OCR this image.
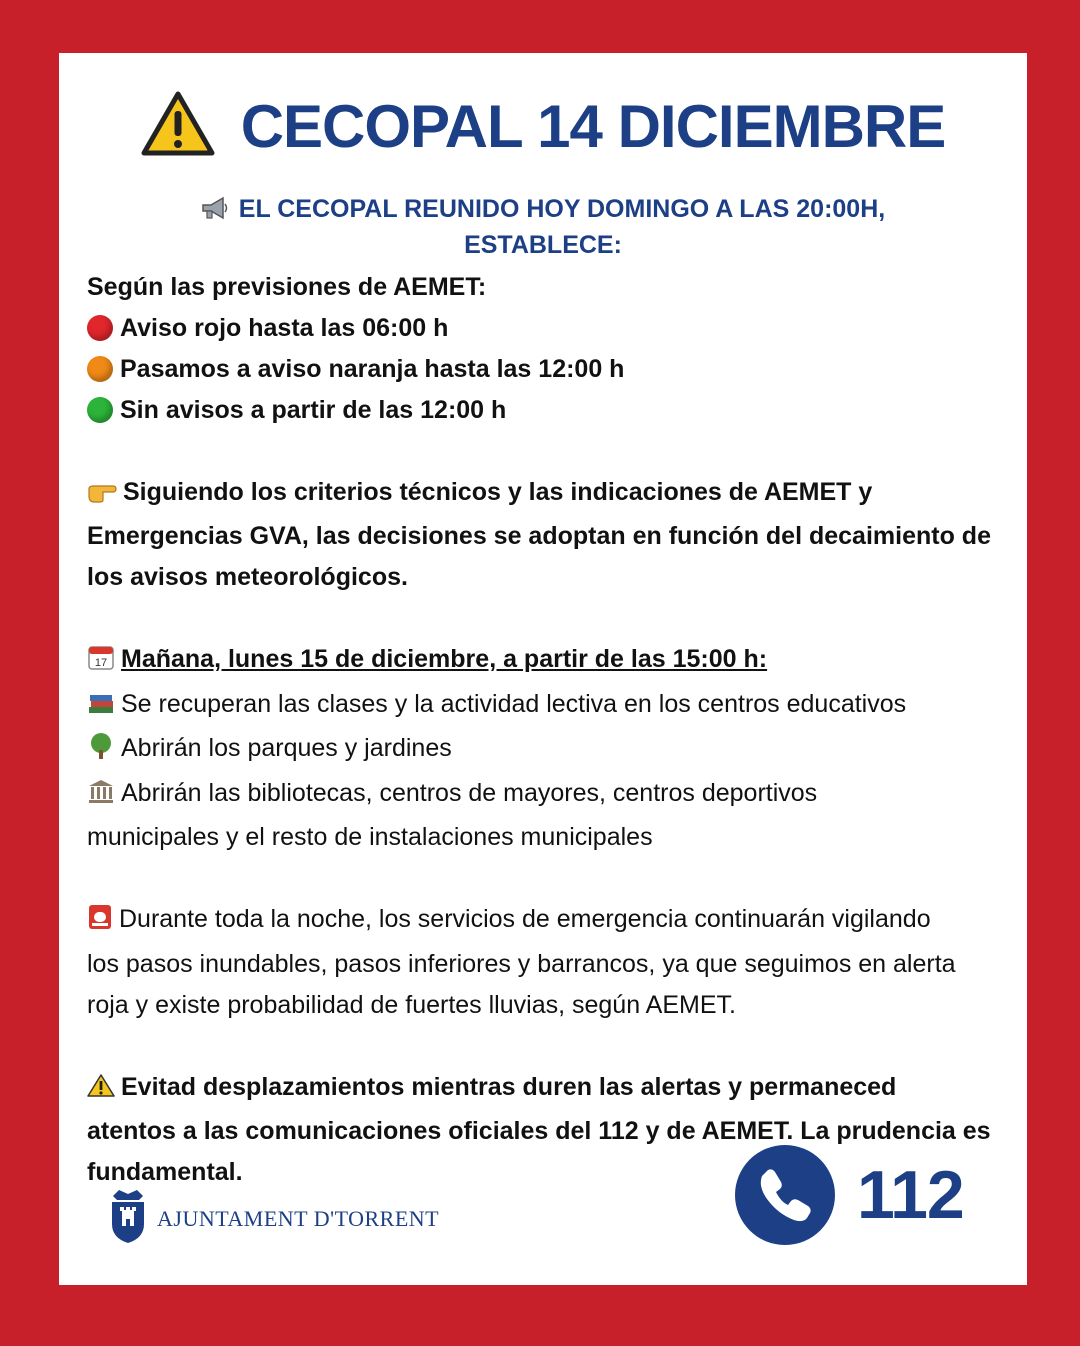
CECOPAL 14 DICIEMBRE
EL CECOPAL REUNIDO HOY DOMINGO A LAS 20:00H,
ESTABLECE:

Según las previsiones de AEMET:

Aviso rojo hasta las 06:00 h

Pasamos a aviso naranja hasta las 12:00 h

Sin avisos a partir de las 12:00 h

Siguiendo los criterios técnicos y las indicaciones de AEMET y

Emergencias GVA, las decisiones se adoptan en función del decaimiento de

los avisos meteorológicos.

17 Mañana, lunes 15 de diciembre, a partir de las 15:00 h:

Se recuperan las clases y la actividad lectiva en los centros educativos

Abrirán los parques y jardines

Abrirán las bibliotecas, centros de mayores, centros deportivos

municipales y el resto de instalaciones municipales

Durante toda la noche, los servicios de emergencia continuarán vigilando

los pasos inundables, pasos inferiores y barrancos, ya que seguimos en alerta

roja y existe probabilidad de fuertes lluvias, según AEMET.

Evitad desplazamientos mientras duren las alertas y permaneced

atentos a las comunicaciones oficiales del 112 y de AEMET. La prudencia es

fundamental.

AJUNTAMENT D'TORRENT	112
